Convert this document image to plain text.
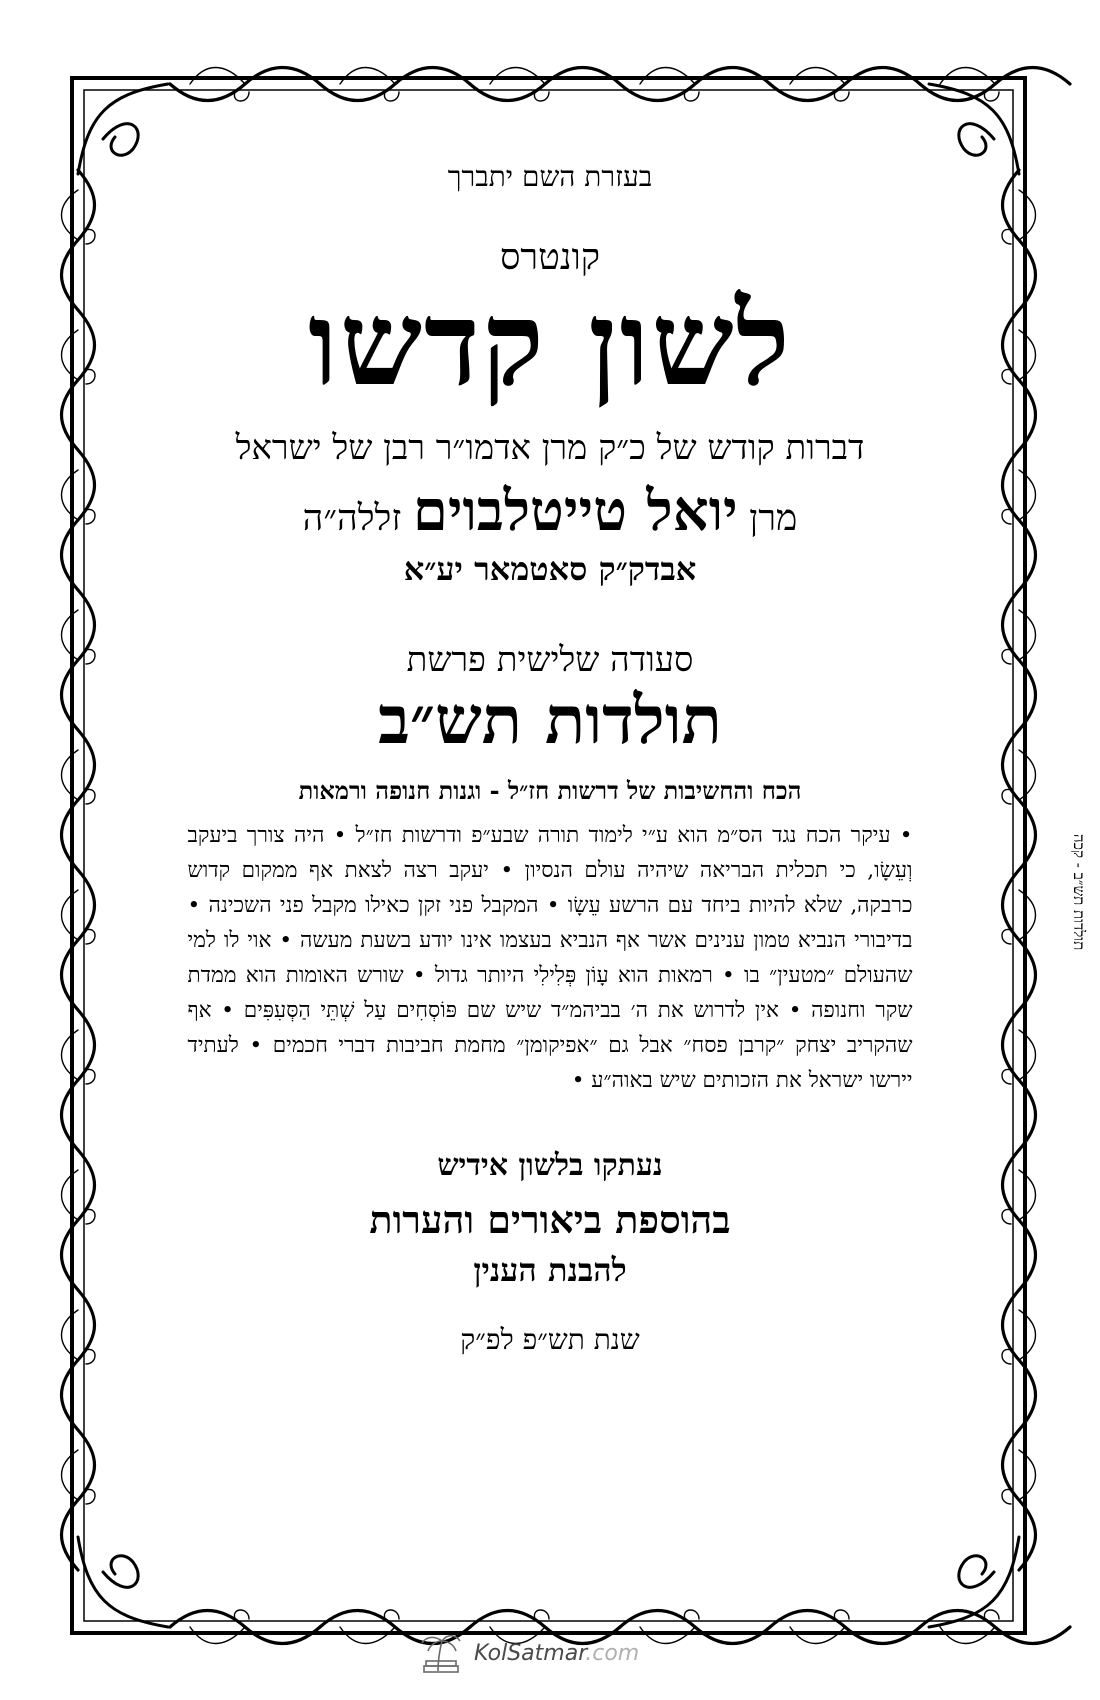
בעזרת השם יתברך
קונטרס
לשון קדשו
דברות קודש של כ״ק מרן אדמו״ר רבן של ישראל
מרן יואל טייטלבוים זללה״ה
אבדק״ק סאטמאר יע״א
סעודה שלישית פרשת
תולדות תש״ב
הכח והחשיבות של דרשות חז״ל - וגנות חנופה ורמאות
• עיקר הכח נגד הס״מ הוא ע״י לימוד תורה שבע״פ ודרשות חז״ל • היה צורך ביעקב וְעֵשָׂו, כי תכלית הבריאה שיהיה עולם הנסיון • יעקב רצה לצאת אף ממקום קדוש כרבקה, שלא להיות ביחד עם הרשע עֵשָׂו • המקבל פני זקן כאילו מקבל פני השכינה • בדיבורי הנביא טמון ענינים אשר אף הנביא בעצמו אינו יודע בשעת מעשה • אוי לו למי שהעולם ״מטעין״ בו • רמאות הוא עָוֹן פְּלִילִי היותר גדול • שורש האומות הוא ממדת שקר וחנופה • אין לדרוש את ה׳ בביהמ״ד שיש שם פּוֹסְחִים עַל שְׁתֵּי הַסְּעִפִּים • אף שהקריב יצחק ״קרבן פסח״ אבל גם ״אפיקומן״ מחמת חביבות דברי חכמים • לעתיד יירשו ישראל את הזכותים שיש באוה״ע •
נעתקו בלשון אידיש
בהוספת ביאורים והערות
להבנת הענין
שנת תש״פ לפ״ק
תולדות תש״ב - קכה
KolSatmar.com
